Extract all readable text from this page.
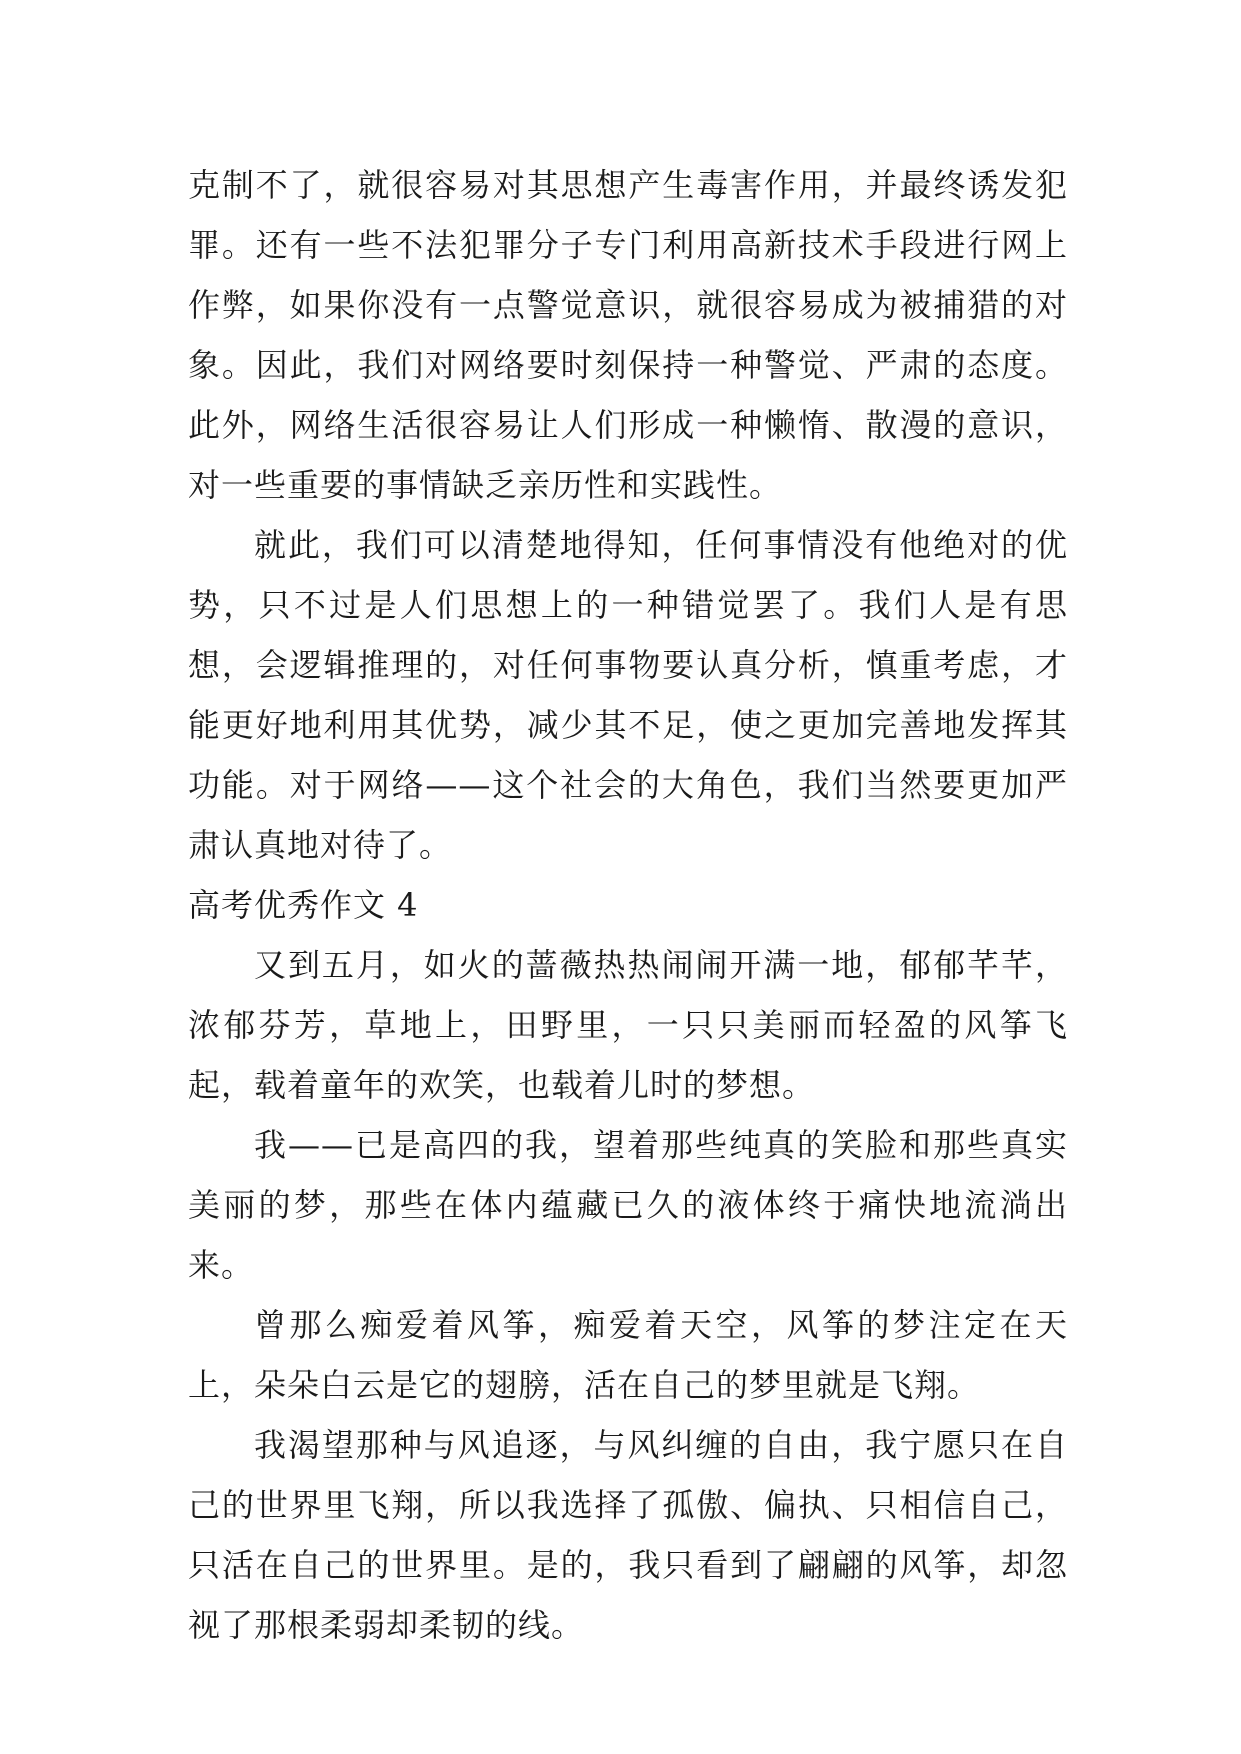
克制不了，就很容易对其思想产生毒害作用，并最终诱发犯罪。还有一些不法犯罪分子专门利用高新技术手段进行网上作弊，如果你没有一点警觉意识，就很容易成为被捕猎的对象。因此，我们对网络要时刻保持一种警觉、严肃的态度。此外，网络生活很容易让人们形成一种懒惰、散漫的意识，对一些重要的事情缺乏亲历性和实践性。

就此，我们可以清楚地得知，任何事情没有他绝对的优势，只不过是人们思想上的一种错觉罢了。我们人是有思想，会逻辑推理的，对任何事物要认真分析，慎重考虑，才能更好地利用其优势，减少其不足，使之更加完善地发挥其功能。对于网络——这个社会的大角色，我们当然要更加严肃认真地对待了。

高考优秀作文 4

又到五月，如火的蔷薇热热闹闹开满一地，郁郁芊芊，浓郁芬芳，草地上，田野里，一只只美丽而轻盈的风筝飞起，载着童年的欢笑，也载着儿时的梦想。

我——已是高四的我，望着那些纯真的笑脸和那些真实美丽的梦，那些在体内蕴藏已久的液体终于痛快地流淌出来。

曾那么痴爱着风筝，痴爱着天空，风筝的梦注定在天上，朵朵白云是它的翅膀，活在自己的梦里就是飞翔。

我渴望那种与风追逐，与风纠缠的自由，我宁愿只在自己的世界里飞翔，所以我选择了孤傲、偏执、只相信自己，只活在自己的世界里。是的，我只看到了翩翩的风筝，却忽视了那根柔弱却柔韧的线。
